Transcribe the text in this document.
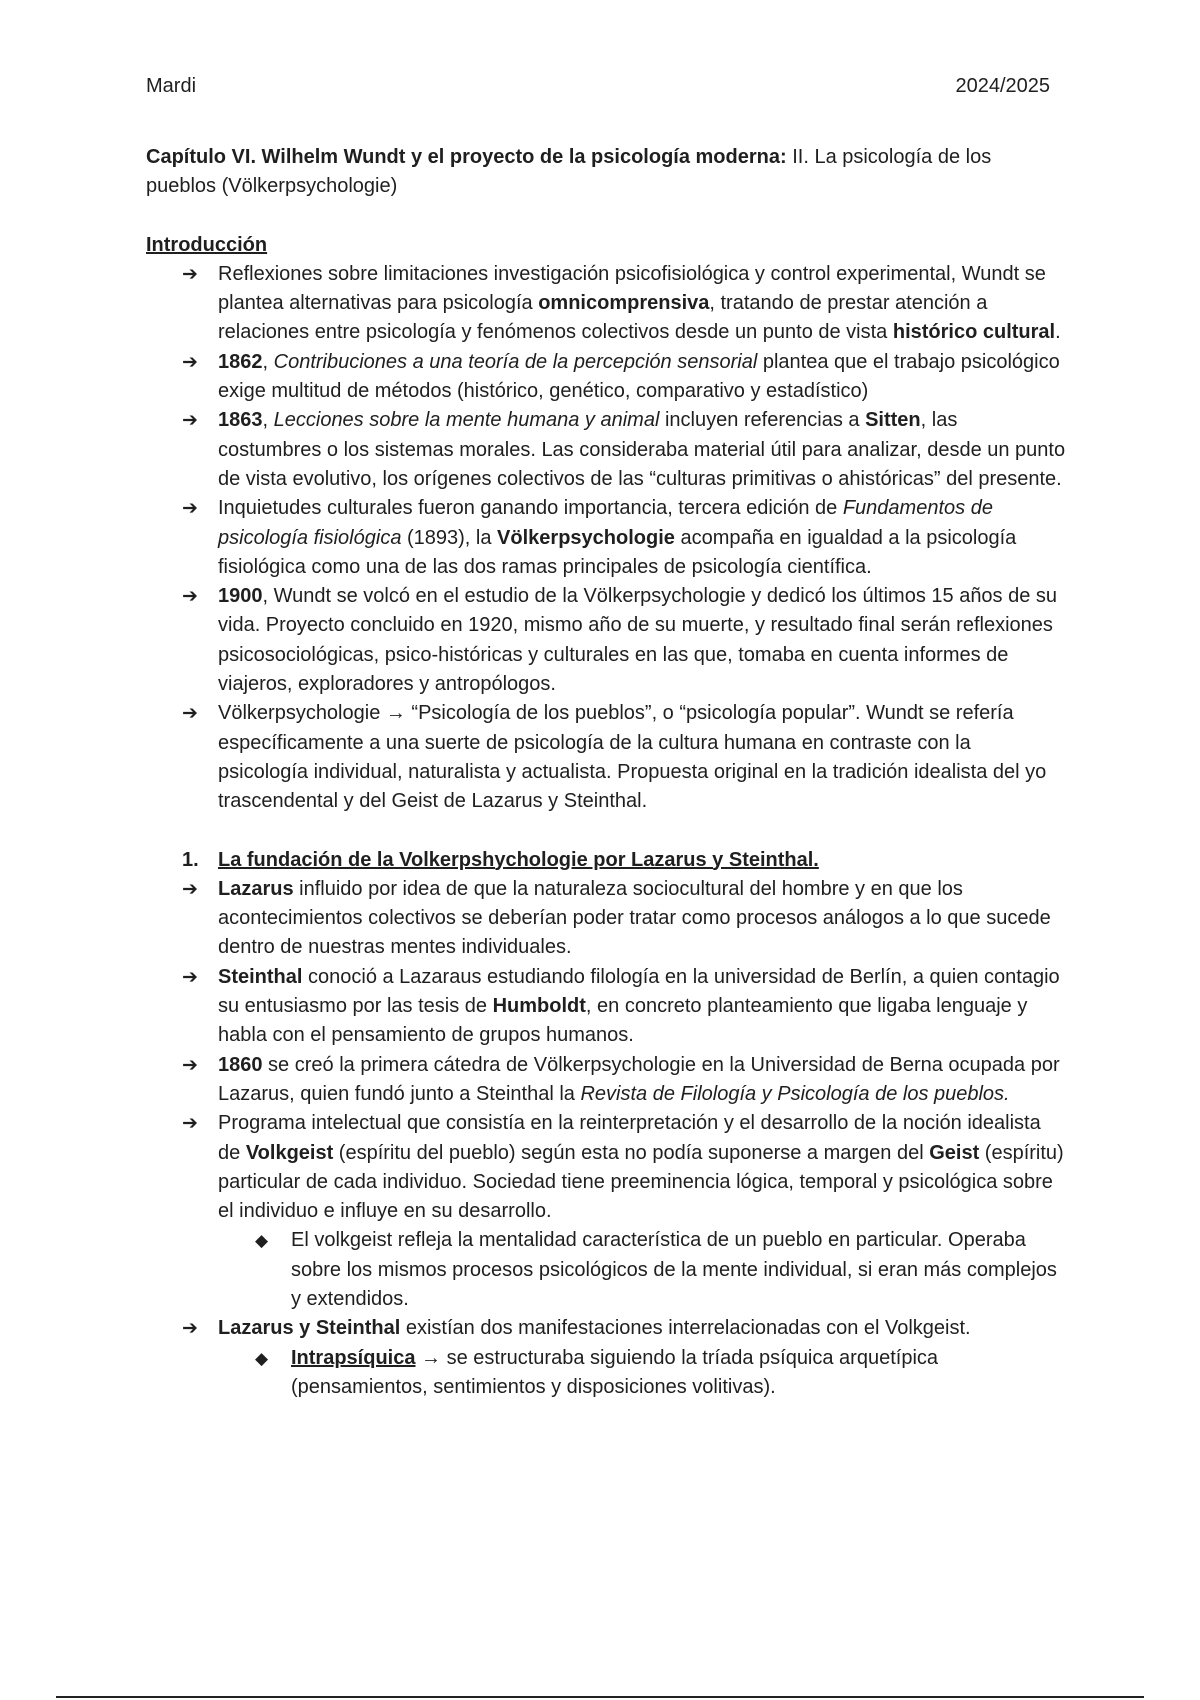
Mardi	2024/2025

Capítulo VI. Wilhelm Wundt y el proyecto de la psicología moderna: II. La psicología de los pueblos (Völkerpsychologie)

Introducción

➔ Reflexiones sobre limitaciones investigación psicofisiológica y control experimental, Wundt se plantea alternativas para psicología omnicomprensiva, tratando de prestar atención a relaciones entre psicología y fenómenos colectivos desde un punto de vista histórico cultural.
➔ 1862, Contribuciones a una teoría de la percepción sensorial plantea que el trabajo psicológico exige multitud de métodos (histórico, genético, comparativo y estadístico)
➔ 1863, Lecciones sobre la mente humana y animal incluyen referencias a Sitten, las costumbres o los sistemas morales. Las consideraba material útil para analizar, desde un punto de vista evolutivo, los orígenes colectivos de las “culturas primitivas o ahistóricas” del presente.
➔ Inquietudes culturales fueron ganando importancia, tercera edición de Fundamentos de psicología fisiológica (1893), la Völkerpsychologie acompaña en igualdad a la psicología fisiológica como una de las dos ramas principales de psicología científica.
➔ 1900, Wundt se volcó en el estudio de la Völkerpsychologie y dedicó los últimos 15 años de su vida. Proyecto concluido en 1920, mismo año de su muerte, y resultado final serán reflexiones psicosociológicas, psico-históricas y culturales en las que, tomaba en cuenta informes de viajeros, exploradores y antropólogos.
➔ Völkerpsychologie → “Psicología de los pueblos”, o “psicología popular”. Wundt se refería específicamente a una suerte de psicología de la cultura humana en contraste con la psicología individual, naturalista y actualista. Propuesta original en la tradición idealista del yo trascendental y del Geist de Lazarus y Steinthal.
1. La fundación de la Volkerpshychologie por Lazarus y Steinthal.
➔ Lazarus influido por idea de que la naturaleza sociocultural del hombre y en que los acontecimientos colectivos se deberían poder tratar como procesos análogos a lo que sucede dentro de nuestras mentes individuales.
➔ Steinthal conoció a Lazaraus estudiando filología en la universidad de Berlín, a quien contagio su entusiasmo por las tesis de Humboldt, en concreto planteamiento que ligaba lenguaje y habla con el pensamiento de grupos humanos.
➔ 1860 se creó la primera cátedra de Völkerpsychologie en la Universidad de Berna ocupada por Lazarus, quien fundó junto a Steinthal la Revista de Filología y Psicología de los pueblos.
➔ Programa intelectual que consistía en la reinterpretación y el desarrollo de la noción idealista de Volkgeist (espíritu del pueblo) según esta no podía suponerse a margen del Geist (espíritu) particular de cada individuo. Sociedad tiene preeminencia lógica, temporal y psicológica sobre el individuo e influye en su desarrollo.
◆ El volkgeist refleja la mentalidad característica de un pueblo en particular. Operaba sobre los mismos procesos psicológicos de la mente individual, si eran más complejos y extendidos.
➔ Lazarus y Steinthal existían dos manifestaciones interrelacionadas con el Volkgeist.
◆ Intrapsíquica → se estructuraba siguiendo la tríada psíquica arquetípica (pensamientos, sentimientos y disposiciones volitivas).
